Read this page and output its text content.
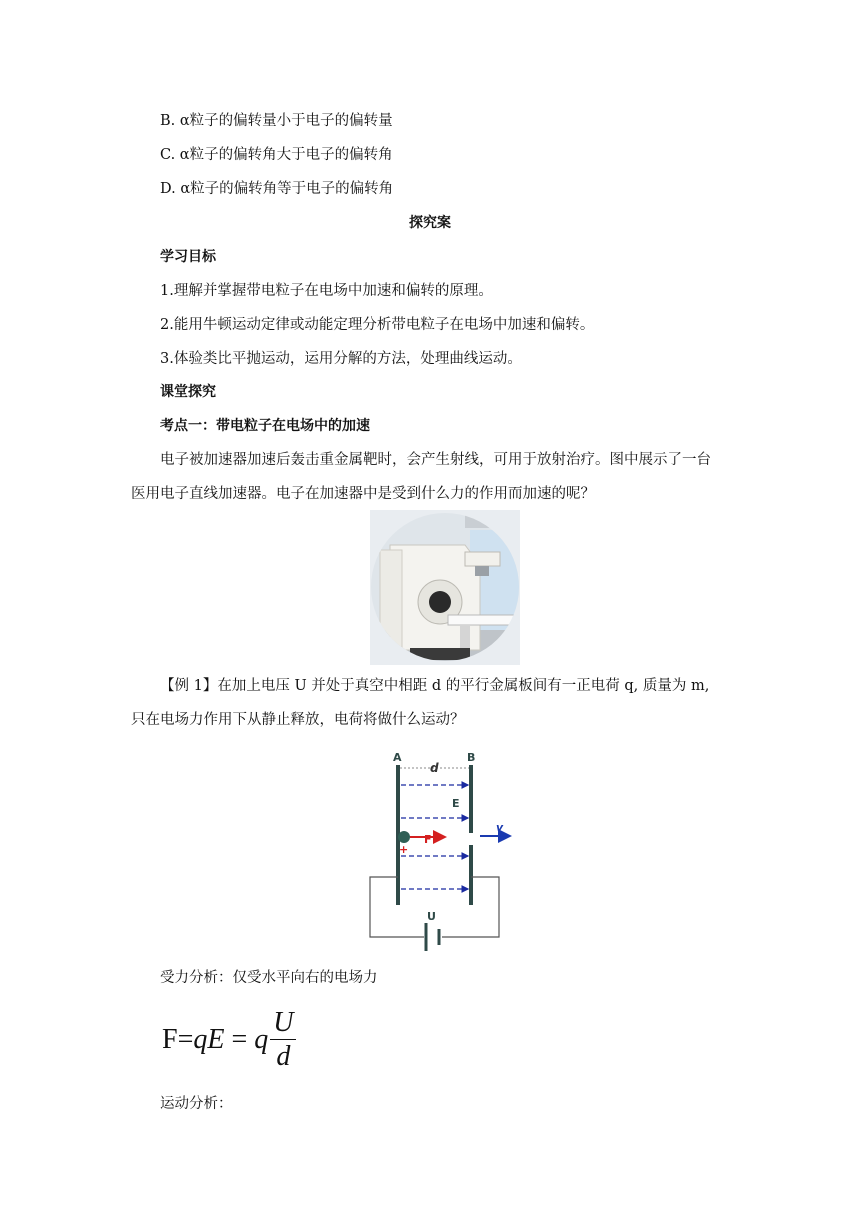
B. α粒子的偏转量小于电子的偏转量
C. α粒子的偏转角大于电子的偏转角
D. α粒子的偏转角等于电子的偏转角
探究案
学习目标
1.理解并掌握带电粒子在电场中加速和偏转的原理。
2.能用牛顿运动定律或动能定理分析带电粒子在电场中加速和偏转。
3.体验类比平抛运动，运用分解的方法，处理曲线运动。
课堂探究
考点一：带电粒子在电场中的加速
电子被加速器加速后轰击重金属靶时，会产生射线，可用于放射治疗。图中展示了一台
医用电子直线加速器。电子在加速器中是受到什么力的作用而加速的呢？
【例 1】在加上电压 U 并处于真空中相距 d 的平行金属板间有一正电荷 q, 质量为 m,
只在电场力作用下从静止释放，电荷将做什么运动？
A	B
d
E
F
+
v
U
受力分析：仅受水平向右的电场力
F= qE = q $\frac{U}{d}$
运动分析：
